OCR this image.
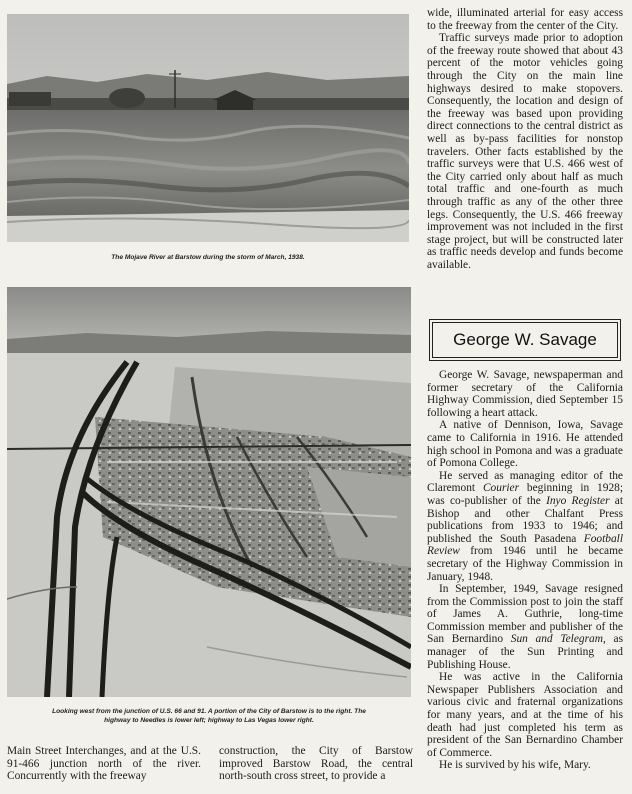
The Mojave River at Barstow during the storm of March, 1938.
Looking west from the junction of U.S. 66 and 91. A portion of the City of Barstow is to the right. The
highway to Needles is lower left; highway to Las Vegas lower right.

Main Street Interchanges, and at the U.S. 91-466 junction north of the river. Concurrently with the freeway

construction, the City of Barstow improved Barstow Road, the central north-south cross street, to provide a

wide, illuminated arterial for easy access to the freeway from the center of the City.

Traffic surveys made prior to adoption of the freeway route showed that about 43 percent of the motor vehicles going through the City on the main line highways desired to make stopovers. Consequently, the location and design of the freeway was based upon providing direct connections to the central district as well as by-pass facilities for nonstop travelers. Other facts established by the traffic surveys were that U.S. 466 west of the City carried only about half as much total traffic and one-fourth as much through traffic as any of the other three legs. Consequently, the U.S. 466 freeway improvement was not included in the first stage project, but will be constructed later as traffic needs develop and funds become available.

George W. Savage

George W. Savage, newspaperman and former secretary of the California Highway Commission, died September 15 following a heart attack.

A native of Dennison, Iowa, Savage came to California in 1916. He attended high school in Pomona and was a graduate of Pomona College.

He served as managing editor of the Claremont Courier beginning in 1928; was co-publisher of the Inyo Register at Bishop and other Chalfant Press publications from 1933 to 1946; and published the South Pasadena Football Review from 1946 until he became secretary of the Highway Commission in January, 1948.

In September, 1949, Savage resigned from the Commission post to join the staff of James A. Guthrie, long-time Commission member and publisher of the San Bernardino Sun and Telegram, as manager of the Sun Printing and Publishing House.

He was active in the California Newspaper Publishers Association and various civic and fraternal organizations for many years, and at the time of his death had just completed his term as president of the San Bernardino Chamber of Commerce.

He is survived by his wife, Mary.
